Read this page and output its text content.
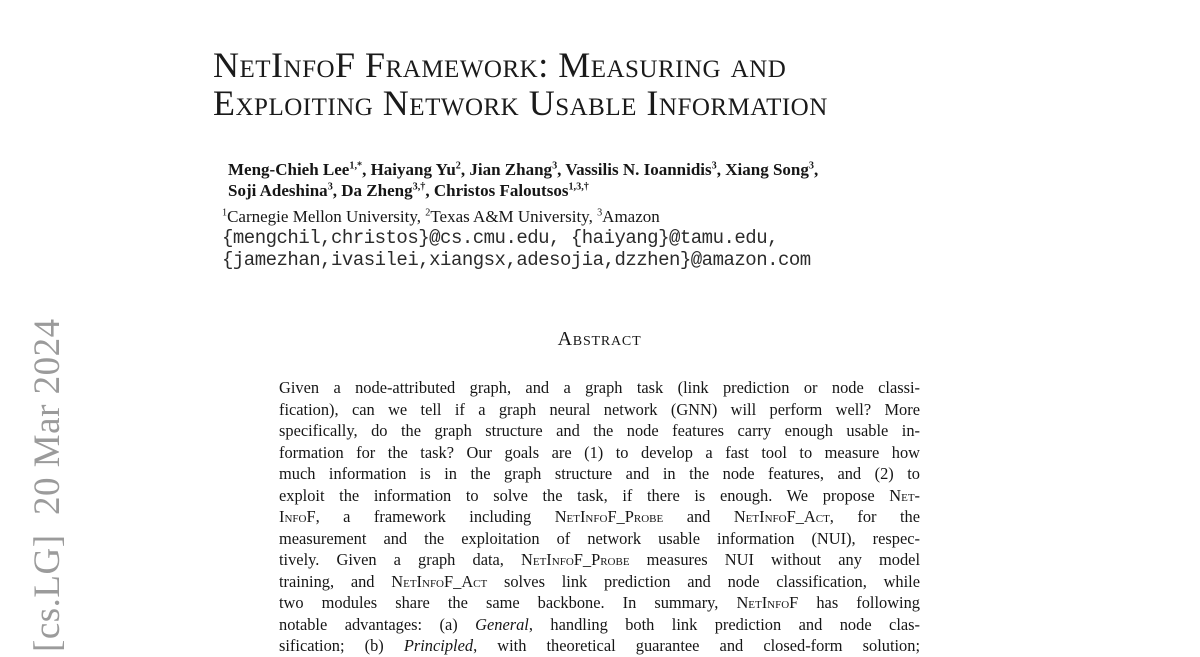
[cs.LG]  20 Mar 2024
NetInfoF Framework: Measuring and
Exploiting Network Usable Information
Meng-Chieh Lee$^{1,*}$, Haiyang Yu$^2$, Jian Zhang$^3$, Vassilis N. Ioannidis$^3$, Xiang Song$^3$,
Soji Adeshina$^3$, Da Zheng$^{3,\dagger}$, Christos Faloutsos$^{1,3,\dagger}$
$^1$Carnegie Mellon University, $^2$Texas A&M University, $^3$Amazon
{mengchil,christos}@cs.cmu.edu, {haiyang}@tamu.edu,
{jamezhan,ivasilei,xiangsx,adesojia,dzzhen}@amazon.com
Abstract
Given a node-attributed graph, and a graph task (link prediction or node classi-
fication), can we tell if a graph neural network (GNN) will perform well? More
specifically, do the graph structure and the node features carry enough usable in-
formation for the task? Our goals are (1) to develop a fast tool to measure how
much information is in the graph structure and in the node features, and (2) to
exploit the information to solve the task, if there is enough. We propose Net-
InfoF, a framework including NetInfoF_Probe and NetInfoF_Act, for the
measurement and the exploitation of network usable information (NUI), respec-
tively. Given a graph data, NetInfoF_Probe measures NUI without any model
training, and NetInfoF_Act solves link prediction and node classification, while
two modules share the same backbone. In summary, NetInfoF has following
notable advantages: (a) General, handling both link prediction and node clas-
sification; (b) Principled, with theoretical guarantee and closed-form solution;
